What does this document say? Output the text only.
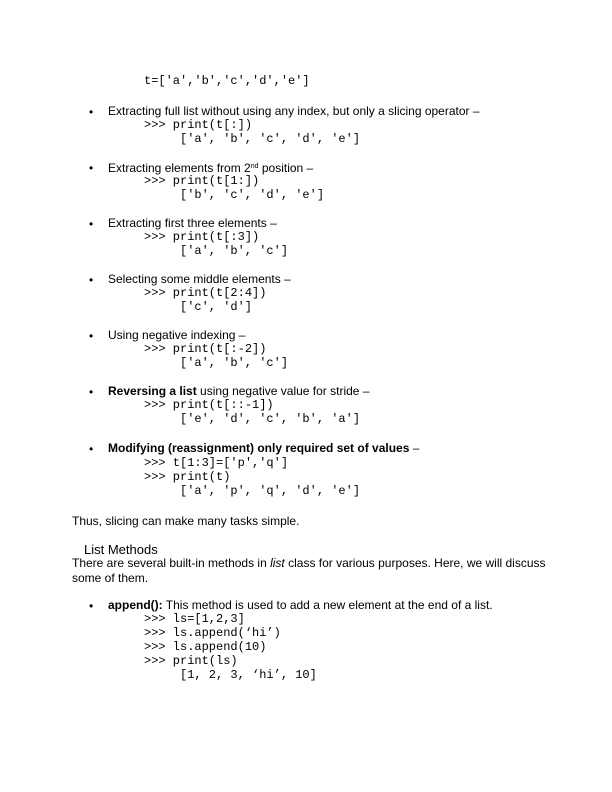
t=['a','b','c','d','e']
• Extracting full list without using any index, but only a slicing operator –
>>> print(t[:])
['a', 'b', 'c', 'd', 'e']
• Extracting elements from 2nd position –
>>> print(t[1:])
['b', 'c', 'd', 'e']
• Extracting first three elements –
>>> print(t[:3])
['a', 'b', 'c']
• Selecting some middle elements –
>>> print(t[2:4])
['c', 'd']
• Using negative indexing –
>>> print(t[:-2])
['a', 'b', 'c']
• Reversing a list using negative value for stride –
>>> print(t[::-1])
['e', 'd', 'c', 'b', 'a']
• Modifying (reassignment) only required set of values –
>>> t[1:3]=['p','q']
>>> print(t)
['a', 'p', 'q', 'd', 'e']
Thus, slicing can make many tasks simple.
List Methods
There are several built-in methods in list class for various purposes. Here, we will discuss some of them.
• append(): This method is used to add a new element at the end of a list.
>>> ls=[1,2,3]
>>> ls.append(‘hi’)
>>> ls.append(10)
>>> print(ls)
[1, 2, 3, ‘hi’, 10]
